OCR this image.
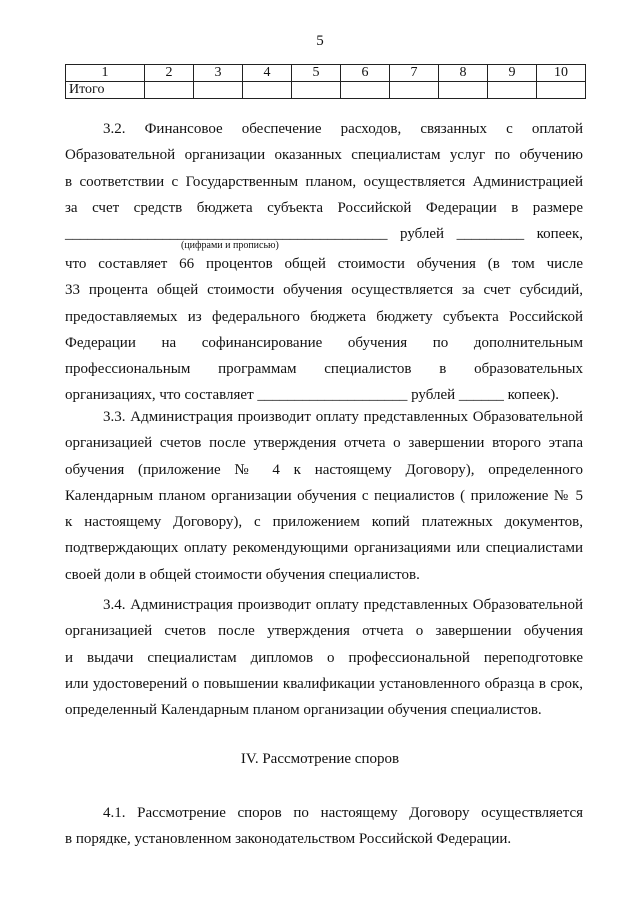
5
1	2	3	4	5	6	7	8	9	10
Итого									
3.2. Финансовое обеспечение расходов, связанных с оплатой
Образовательной организации оказанных специалистам услуг по обучению
в соответствии с Государственным планом, осуществляется Администрацией
за счет средств бюджета субъекта Российской Федерации в размере
___________________________________________ рублей _________ копеек,
(цифрами и прописью)
что составляет 66 процентов общей стоимости обучения (в том числе
33 процента общей стоимости обучения осуществляется за счет субсидий,
предоставляемых из федерального бюджета бюджету субъекта Российской
Федерации на софинансирование обучения по дополнительным
профессиональным программам специалистов в образовательных
организациях, что составляет ____________________ рублей ______ копеек).
3.3. Администрация производит оплату представленных Образовательной
организацией счетов после утверждения отчета о завершении второго этапа
обучения (приложение № 4 к настоящему Договору), определенного
Календарным планом организации обучения с пециалистов ( приложение № 5
к настоящему Договору), с приложением копий платежных документов,
подтверждающих оплату рекомендующими организациями или специалистами
своей доли в общей стоимости обучения специалистов.
3.4. Администрация производит оплату представленных Образовательной
организацией счетов после утверждения отчета о завершении обучения
и выдачи специалистам дипломов о профессиональной переподготовке
или удостоверений о повышении квалификации установленного образца в срок,
определенный Календарным планом организации обучения специалистов.
IV. Рассмотрение споров
4.1. Рассмотрение споров по настоящему Договору осуществляется
в порядке, установленном законодательством Российской Федерации.
